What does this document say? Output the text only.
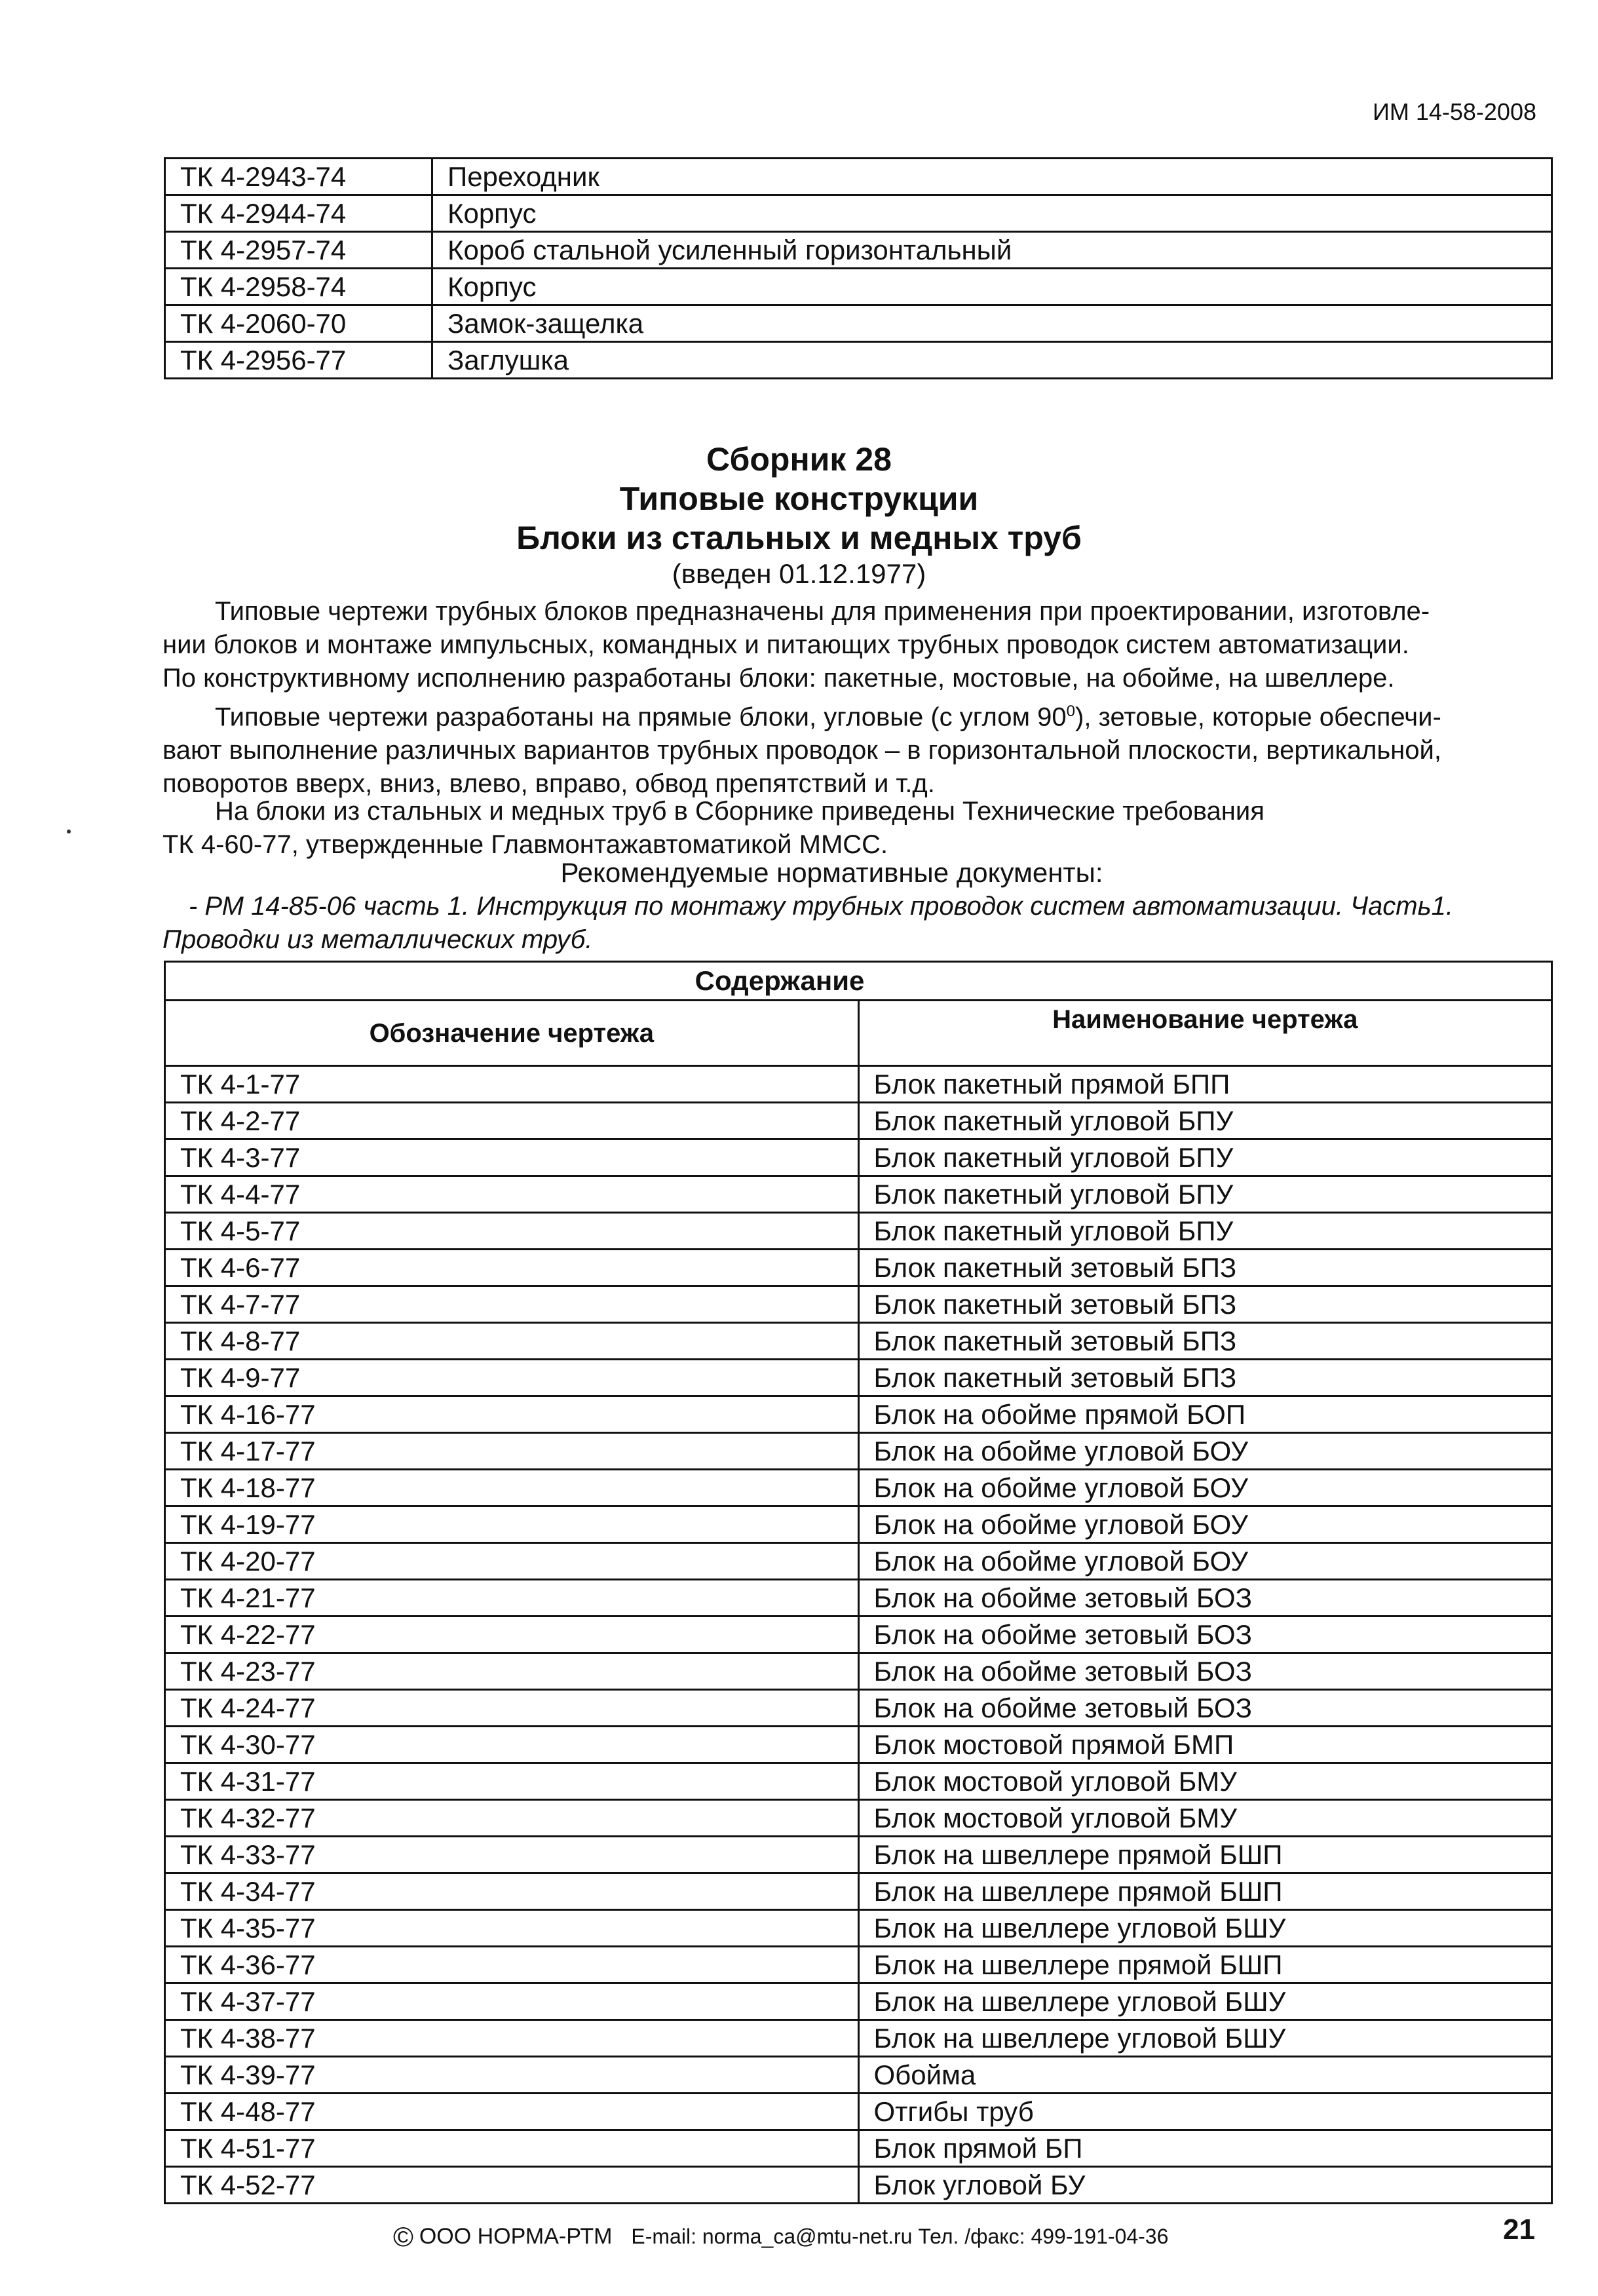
ИМ 14-58-2008
ТК 4-2943-74	Переходник
ТК 4-2944-74	Корпус
ТК 4-2957-74	Короб стальной усиленный горизонтальный
ТК 4-2958-74	Корпус
ТК 4-2060-70	Замок-защелка
ТК 4-2956-77	Заглушка
Сборник 28
Типовые конструкции
Блоки из стальных и медных труб
(введен 01.12.1977)
Типовые чертежи трубных блоков предназначены для применения при проектировании, изготовле-
нии блоков и монтаже импульсных, командных и питающих трубных проводок систем автоматизации.
По конструктивному исполнению разработаны блоки: пакетные, мостовые, на обойме, на швеллере.
Типовые чертежи разработаны на прямые блоки, угловые (с углом $90^0$), зетовые, которые обеспечи-
вают выполнение различных вариантов трубных проводок – в горизонтальной плоскости, вертикальной,
поворотов вверх, вниз, влево, вправо, обвод препятствий и т.д.
На блоки из стальных и медных труб в Сборнике приведены Технические требования
ТК 4-60-77, утвержденные Главмонтажавтоматикой ММСС.
Рекомендуемые нормативные документы:
- РМ 14-85-06 часть 1. Инструкция по монтажу трубных проводок систем автоматизации. Часть1.
Проводки из металлических труб.
Содержание	
Обозначение чертежа	Наименование чертежа
ТК 4-1-77	Блок пакетный прямой БПП
ТК 4-2-77	Блок пакетный угловой БПУ
ТК 4-3-77	Блок пакетный угловой БПУ
ТК 4-4-77	Блок пакетный угловой БПУ
ТК 4-5-77	Блок пакетный угловой БПУ
ТК 4-6-77	Блок пакетный зетовый БПЗ
ТК 4-7-77	Блок пакетный зетовый БПЗ
ТК 4-8-77	Блок пакетный зетовый БПЗ
ТК 4-9-77	Блок пакетный зетовый БПЗ
ТК 4-16-77	Блок на обойме прямой БОП
ТК 4-17-77	Блок на обойме угловой БОУ
ТК 4-18-77	Блок на обойме угловой БОУ
ТК 4-19-77	Блок на обойме угловой БОУ
ТК 4-20-77	Блок на обойме угловой БОУ
ТК 4-21-77	Блок на обойме зетовый БОЗ
ТК 4-22-77	Блок на обойме зетовый БОЗ
ТК 4-23-77	Блок на обойме зетовый БОЗ
ТК 4-24-77	Блок на обойме зетовый БОЗ
ТК 4-30-77	Блок мостовой прямой БМП
ТК 4-31-77	Блок мостовой угловой БМУ
ТК 4-32-77	Блок мостовой угловой БМУ
ТК 4-33-77	Блок на швеллере прямой БШП
ТК 4-34-77	Блок на швеллере прямой БШП
ТК 4-35-77	Блок на швеллере угловой БШУ
ТК 4-36-77	Блок на швеллере прямой БШП
ТК 4-37-77	Блок на швеллере угловой БШУ
ТК 4-38-77	Блок на швеллере угловой БШУ
ТК 4-39-77	Обойма
ТК 4-48-77	Отгибы труб
ТК 4-51-77	Блок прямой БП
ТК 4-52-77	Блок угловой БУ
© ООО НОРМА-РТМ E-mail: norma_ca@mtu-net.ru Тел. /факс: 499-191-04-36	21
